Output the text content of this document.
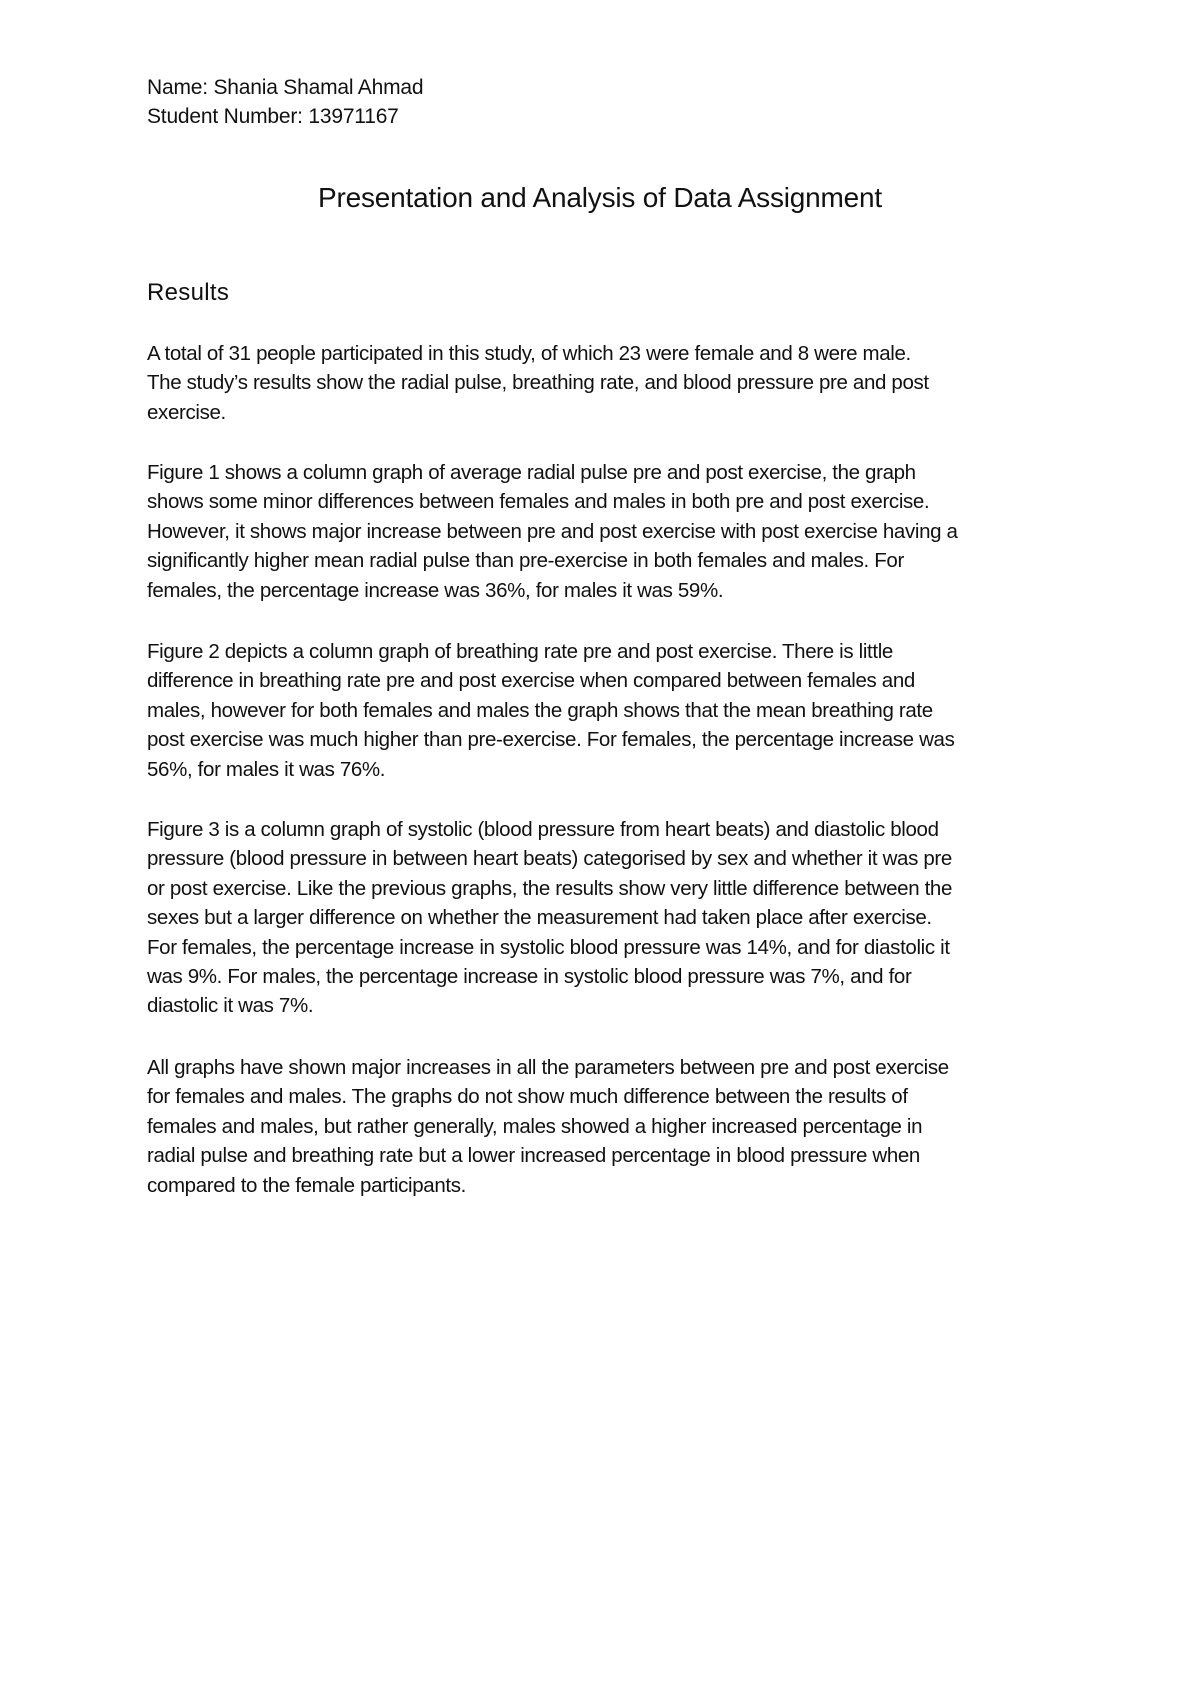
Name: Shania Shamal Ahmad
Student Number: 13971167
Presentation and Analysis of Data Assignment
Results

A total of 31 people participated in this study, of which 23 were female and 8 were male.
The study’s results show the radial pulse, breathing rate, and blood pressure pre and post
exercise.

Figure 1 shows a column graph of average radial pulse pre and post exercise, the graph
shows some minor differences between females and males in both pre and post exercise.
However, it shows major increase between pre and post exercise with post exercise having a
significantly higher mean radial pulse than pre-exercise in both females and males. For
females, the percentage increase was 36%, for males it was 59%.

Figure 2 depicts a column graph of breathing rate pre and post exercise. There is little
difference in breathing rate pre and post exercise when compared between females and
males, however for both females and males the graph shows that the mean breathing rate
post exercise was much higher than pre-exercise. For females, the percentage increase was
56%, for males it was 76%.

Figure 3 is a column graph of systolic (blood pressure from heart beats) and diastolic blood
pressure (blood pressure in between heart beats) categorised by sex and whether it was pre
or post exercise. Like the previous graphs, the results show very little difference between the
sexes but a larger difference on whether the measurement had taken place after exercise.
For females, the percentage increase in systolic blood pressure was 14%, and for diastolic it
was 9%. For males, the percentage increase in systolic blood pressure was 7%, and for
diastolic it was 7%.

All graphs have shown major increases in all the parameters between pre and post exercise
for females and males. The graphs do not show much difference between the results of
females and males, but rather generally, males showed a higher increased percentage in
radial pulse and breathing rate but a lower increased percentage in blood pressure when
compared to the female participants.
